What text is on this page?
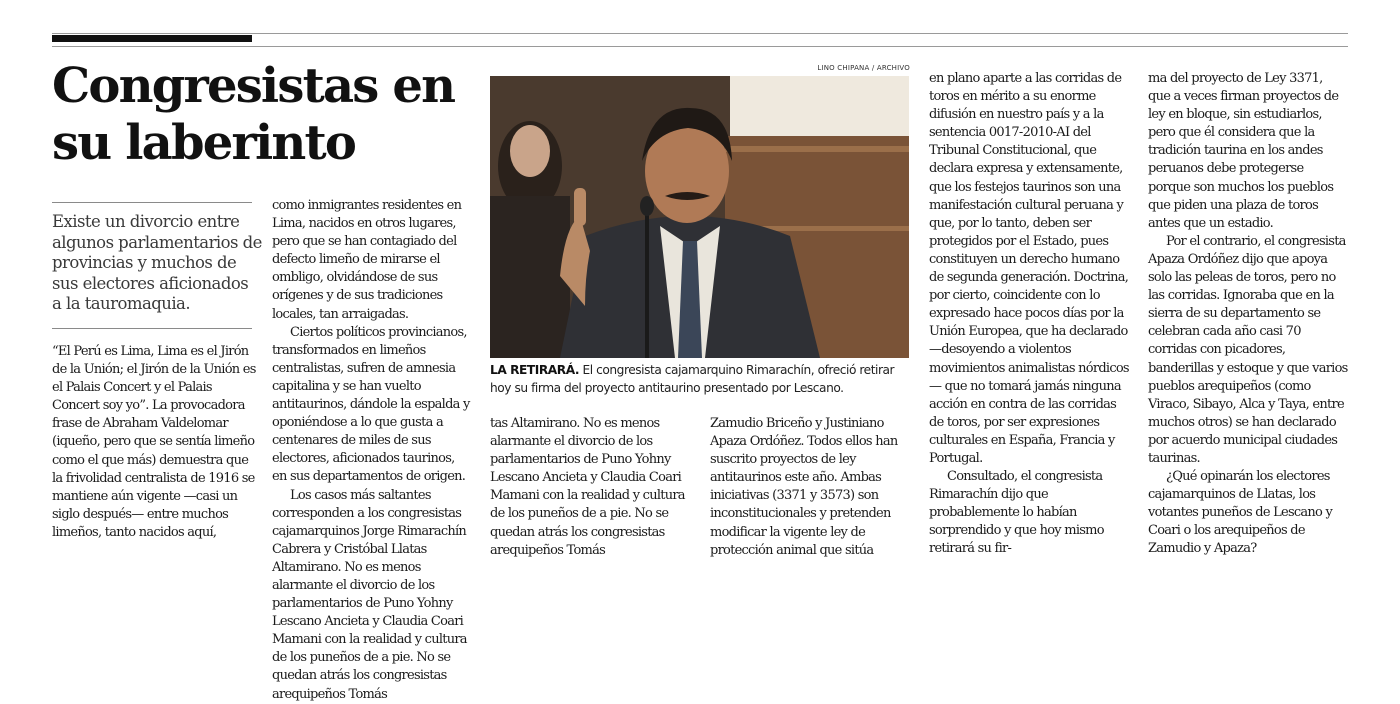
Congresistas en su laberinto

Existe un divorcio entre algunos parlamentarios de provincias y muchos de sus electores aficionados a la tauromaquia.

“El Perú es Lima, Lima es el Jirón de la Unión; el Jirón de la Unión es el Palais Concert y el Palais Concert soy yo”. La provocadora frase de Abraham Valdelomar (iqueño, pero que se sentía limeño como el que más) demuestra que la frivolidad centralista de 1916 se mantiene aún vigente —casi un siglo después— entre muchos limeños, tanto nacidos aquí,

como inmigrantes residentes en Lima, nacidos en otros lugares, pero que se han contagiado del defecto limeño de mirarse el ombligo, olvidándose de sus orígenes y de sus tradiciones locales, tan arraigadas.

Ciertos políticos provincianos, transformados en limeños centralistas, sufren de amnesia capitalina y se han vuelto antitaurinos, dándole la espalda y oponiéndose a lo que gusta a centenares de miles de sus electores, aficionados taurinos, en sus departamentos de origen.

Los casos más saltantes corresponden a los congresistas cajamarquinos Jorge Rimarachín Cabrera y Cristóbal Llatas Altamirano. No es menos alarmante el divorcio de los parlamentarios de Puno Yohny Lescano Ancieta y Claudia Coari Mamani con la realidad y cultura de los puneños de a pie. No se quedan atrás los congresistas arequipeños Tomás

LINO CHIPANA / ARCHIVO

LA RETIRARÁ. El congresista cajamarquino Rimarachín, ofreció retirar hoy su firma del proyecto antitaurino presentado por Lescano.

tas Altamirano. No es menos alarmante el divorcio de los parlamentarios de Puno Yohny Lescano Ancieta y Claudia Coari Mamani con la realidad y cultura de los puneños de a pie. No se quedan atrás los congresistas arequipeños Tomás

Zamudio Briceño y Justiniano Apaza Ordóñez. Todos ellos han suscrito proyectos de ley antitaurinos este año. Ambas iniciativas (3371 y 3573) son inconstitucionales y pretenden modificar la vigente ley de protección animal que sitúa

en plano aparte a las corridas de toros en mérito a su enorme difusión en nuestro país y a la sentencia 0017-2010-AI del Tribunal Constitucional, que declara expresa y extensamente, que los festejos taurinos son una manifestación cultural peruana y que, por lo tanto, deben ser protegidos por el Estado, pues constituyen un derecho humano de segunda generación. Doctrina, por cierto, coincidente con lo expresado hace pocos días por la Unión Europea, que ha declarado —desoyendo a violentos movimientos animalistas nórdicos— que no tomará jamás ninguna acción en contra de las corridas de toros, por ser expresiones culturales en España, Francia y Portugal.

Consultado, el congresista Rimarachín dijo que probablemente lo habían sorprendido y que hoy mismo retirará su fir-

ma del proyecto de Ley 3371, que a veces firman proyectos de ley en bloque, sin estudiarlos, pero que él considera que la tradición taurina en los andes peruanos debe protegerse porque son muchos los pueblos que piden una plaza de toros antes que un estadio.

Por el contrario, el congresista Apaza Ordóñez dijo que apoya solo las peleas de toros, pero no las corridas. Ignoraba que en la sierra de su departamento se celebran cada año casi 70 corridas con picadores, banderillas y estoque y que varios pueblos arequipeños (como Viraco, Sibayo, Alca y Taya, entre muchos otros) se han declarado por acuerdo municipal ciudades taurinas.

¿Qué opinarán los electores cajamarquinos de Llatas, los votantes puneños de Lescano y Coari o los arequipeños de Zamudio y Apaza?
